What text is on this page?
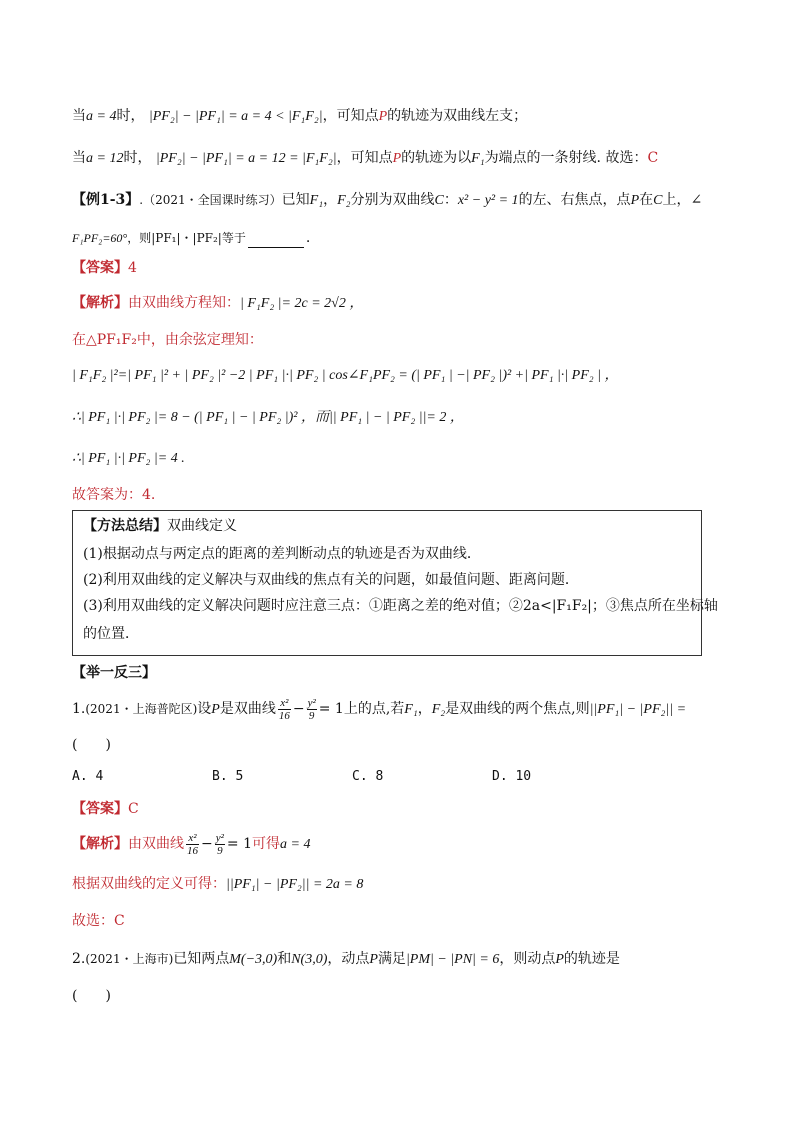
当a = 4时， |PF₂| − |PF₁| = a = 4 < |F₁F₂|，可知点P的轨迹为双曲线左支；
当a = 12时， |PF₂| − |PF₁| = a = 12 = |F₁F₂|，可知点P的轨迹为以F₁为端点的一条射线. 故选：C
【例1-3】.（2021・全国课时练习）已知F₁，F₂分别为双曲线C：x² − y² = 1的左、右焦点，点P在C上，∠
F₁PF₂=60°，则|PF₁|・|PF₂|等于	.
【答案】4
【解析】由双曲线方程知：| F₁F₂ |= 2c = 2√2 ，
在△PF₁F₂中，由余弦定理知：
| F₁F₂ |²=| PF₁ |² + | PF₂ |² −2 | PF₁ |·| PF₂ | cos∠F₁PF₂ = (| PF₁ | −| PF₂ |)² +| PF₁ |·| PF₂ | ，
∴| PF₁ |·| PF₂ |= 8 − (| PF₁ | − | PF₂ |)² ，而|| PF₁ | − | PF₂ ||= 2 ，
∴| PF₁ |·| PF₂ |= 4 .
故答案为：4.
【方法总结】双曲线定义
(1)根据动点与两定点的距离的差判断动点的轨迹是否为双曲线．
(2)利用双曲线的定义解决与双曲线的焦点有关的问题，如最值问题、距离问题．
(3)利用双曲线的定义解决问题时应注意三点：①距离之差的绝对值；②2a<|F₁F₂|；③焦点所在坐标轴
的位置．
【举一反三】
1.(2021・上海普陀区)设P是双曲线 $\frac{\text{x²}}{16} - \frac{\text{y²}}{9} = 1$上的点,若F₁，F₂是双曲线的两个焦点,则||PF₁| − |PF₂|| =
(　　)
A. 4	B. 5	C. 8	D. 10
【答案】C
【解析】由双曲线 $\frac{\text{x²}}{16} - \frac{\text{y²}}{9} = 1$可得a = 4
根据双曲线的定义可得：||PF₁| − |PF₂|| = 2a = 8
故选：C
2.(2021・上海市)已知两点M(−3,0)和N(3,0)，动点P满足|PM| − |PN| = 6，则动点P的轨迹是
(　　)
